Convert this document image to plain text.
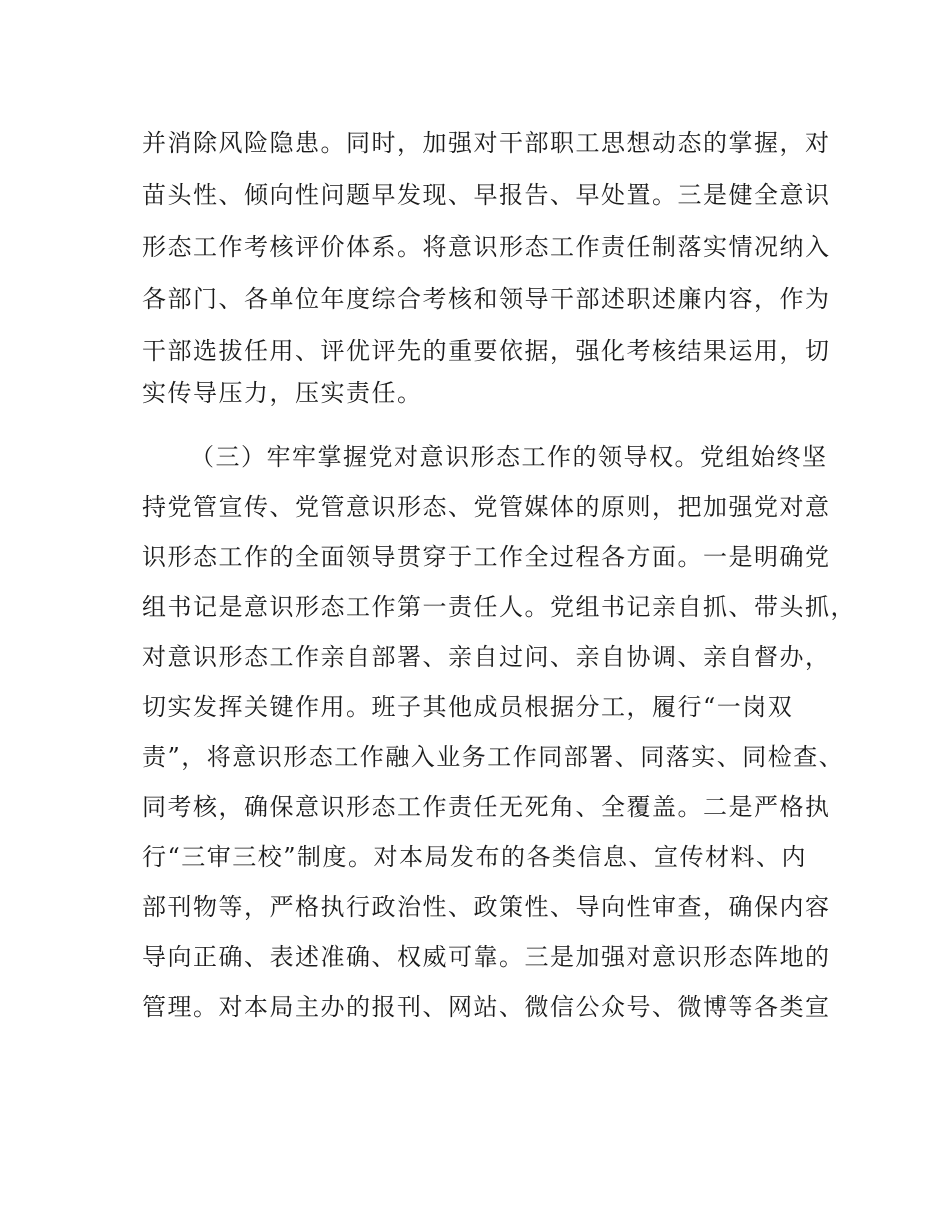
并消除风险隐患。同时，加强对干部职工思想动态的掌握，对
苗头性、倾向性问题早发现、早报告、早处置。三是健全意识
形态工作考核评价体系。将意识形态工作责任制落实情况纳入
各部门、各单位年度综合考核和领导干部述职述廉内容，作为
干部选拔任用、评优评先的重要依据，强化考核结果运用，切
实传导压力，压实责任。
（三）牢牢掌握党对意识形态工作的领导权。党组始终坚
持党管宣传、党管意识形态、党管媒体的原则，把加强党对意
识形态工作的全面领导贯穿于工作全过程各方面。一是明确党
组书记是意识形态工作第一责任人。党组书记亲自抓、带头抓，
对意识形态工作亲自部署、亲自过问、亲自协调、亲自督办，
切实发挥关键作用。班子其他成员根据分工，履行“一岗双
责”，将意识形态工作融入业务工作同部署、同落实、同检查、
同考核，确保意识形态工作责任无死角、全覆盖。二是严格执
行“三审三校”制度。对本局发布的各类信息、宣传材料、内
部刊物等，严格执行政治性、政策性、导向性审查，确保内容
导向正确、表述准确、权威可靠。三是加强对意识形态阵地的
管理。对本局主办的报刊、网站、微信公众号、微博等各类宣
